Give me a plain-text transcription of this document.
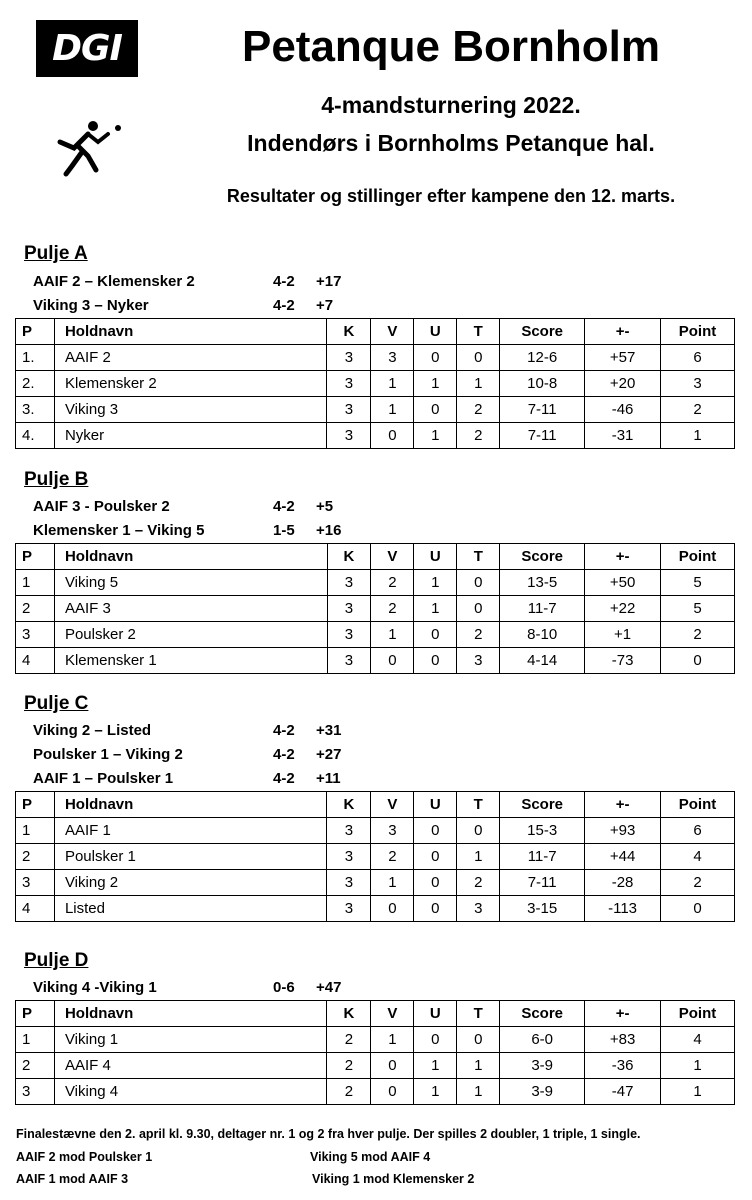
DGI	Petanque Bornholm
4-mandsturnering 2022.
Indendørs i Bornholms Petanque hal.
Resultater og stillinger efter kampene den 12. marts.
Pulje A
AAIF 2 – Klemensker 2	4-2 +17
Viking 3 – Nyker	4-2 +7
P	Holdnavn	K	V	U	T	Score	+-	Point
1.	AAIF 2	3	3	0	0	12-6	+57	6
2.	Klemensker 2	3	1	1	1	10-8	+20	3
3.	Viking 3	3	1	0	2	7-11	-46	2
4.	Nyker	3	0	1	2	7-11	-31	1
Pulje B
AAIF 3 - Poulsker 2	4-2 +5
Klemensker 1 – Viking 5	1-5 +16
P	Holdnavn	K	V	U	T	Score	+-	Point
1	Viking 5	3	2	1	0	13-5	+50	5
2	AAIF 3	3	2	1	0	11-7	+22	5
3	Poulsker 2	3	1	0	2	8-10	+1	2
4	Klemensker 1	3	0	0	3	4-14	-73	0
Pulje C
Viking 2 – Listed	4-2 +31
Poulsker 1 – Viking 2	4-2 +27
AAIF 1 – Poulsker 1	4-2 +11
P	Holdnavn	K	V	U	T	Score	+-	Point
1	AAIF 1	3	3	0	0	15-3	+93	6
2	Poulsker 1	3	2	0	1	11-7	+44	4
3	Viking 2	3	1	0	2	7-11	-28	2
4	Listed	3	0	0	3	3-15	-113	0
Pulje D
Viking 4 -Viking 1	0-6 +47
P	Holdnavn	K	V	U	T	Score	+-	Point
1	Viking 1	2	1	0	0	6-0	+83	4
2	AAIF 4	2	0	1	1	3-9	-36	1
3	Viking 4	2	0	1	1	3-9	-47	1
Finalestævne den 2. april kl. 9.30, deltager nr. 1 og 2 fra hver pulje. Der spilles 2 doubler, 1 triple, 1 single.
AAIF 2 mod Poulsker 1	Viking 5 mod AAIF 4
AAIF 1 mod AAIF 3	Viking 1 mod Klemensker 2
